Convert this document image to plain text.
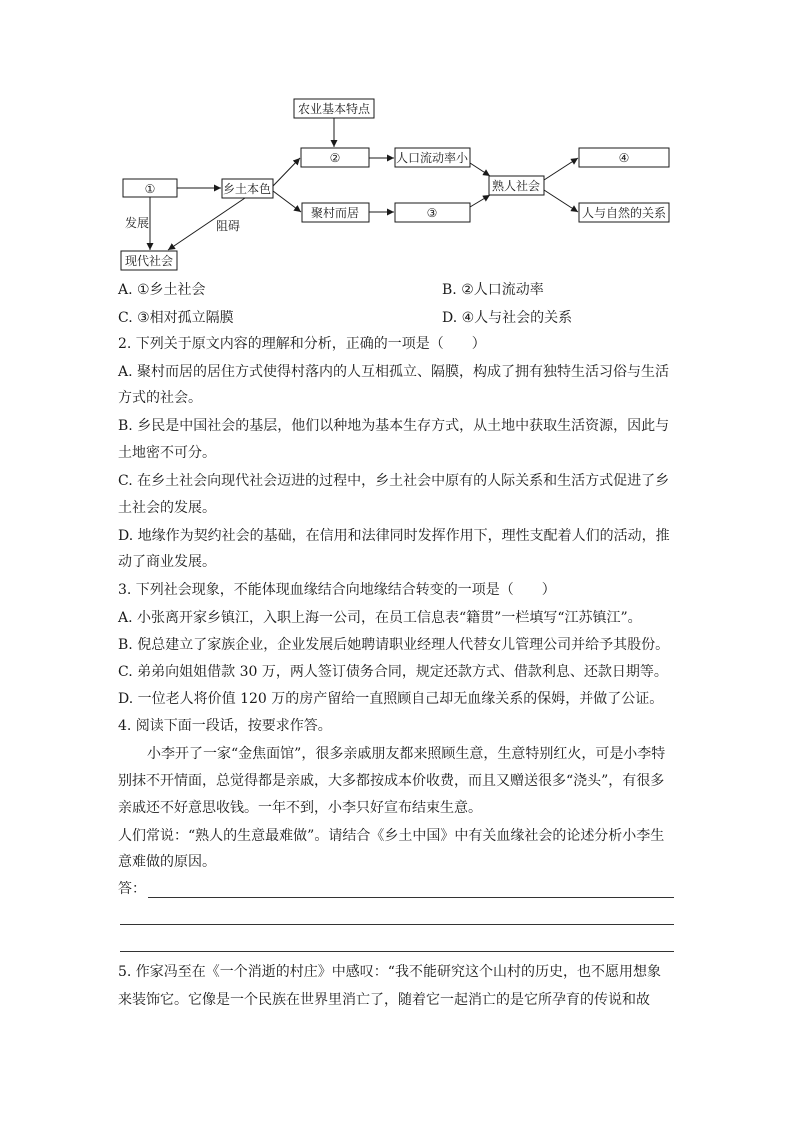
农业基本特点
①
②
乡土本色
人口流动率小
熟人社会
④
聚村而居	③	人与自然的关系
现代社会
发展	阻碍
A. ①乡土社会	B. ②人口流动率
C. ③相对孤立隔膜	D. ④人与社会的关系
2. 下列关于原文内容的理解和分析，正确的一项是（　　）
A. 聚村而居的居住方式使得村落内的人互相孤立、隔膜，构成了拥有独特生活习俗与生活
方式的社会。
B. 乡民是中国社会的基层，他们以种地为基本生存方式，从土地中获取生活资源，因此与
土地密不可分。
C. 在乡土社会向现代社会迈进的过程中，乡土社会中原有的人际关系和生活方式促进了乡
土社会的发展。
D. 地缘作为契约社会的基础，在信用和法律同时发挥作用下，理性支配着人们的活动，推
动了商业发展。
3. 下列社会现象，不能体现血缘结合向地缘结合转变的一项是（　　）
A. 小张离开家乡镇江，入职上海一公司，在员工信息表“籍贯”一栏填写“江苏镇江”。
B. 倪总建立了家族企业，企业发展后她聘请职业经理人代替女儿管理公司并给予其股份。
C. 弟弟向姐姐借款 30 万，两人签订债务合同，规定还款方式、借款利息、还款日期等。
D. 一位老人将价值 120 万的房产留给一直照顾自己却无血缘关系的保姆，并做了公证。
4. 阅读下面一段话，按要求作答。
小李开了一家“金焦面馆”，很多亲戚朋友都来照顾生意，生意特别红火，可是小李特
别抹不开情面，总觉得都是亲戚，大多都按成本价收费，而且又赠送很多“浇头”，有很多
亲戚还不好意思收钱。一年不到，小李只好宣布结束生意。
人们常说：“熟人的生意最难做”。请结合《乡土中国》中有关血缘社会的论述分析小李生
意难做的原因。
答：
5. 作家冯至在《一个消逝的村庄》中感叹：“我不能研究这个山村的历史，也不愿用想象
来装饰它。它像是一个民族在世界里消亡了，随着它一起消亡的是它所孕育的传说和故
